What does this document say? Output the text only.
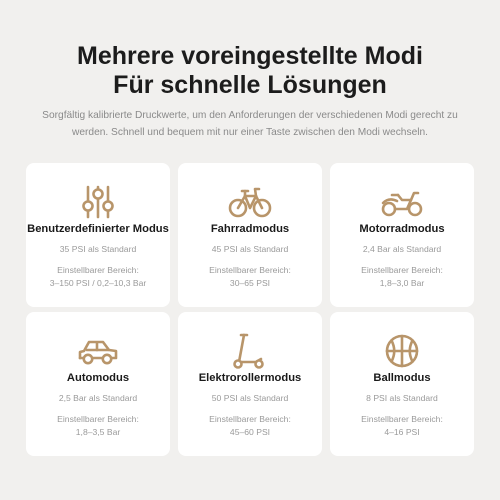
Mehrere voreingestellte Modi
Für schnelle Lösungen
Sorgfältig kalibrierte Druckwerte, um den Anforderungen der verschiedenen Modi gerecht zu
werden. Schnell und bequem mit nur einer Taste zwischen den Modi wechseln.
Benutzerdefinierter Modus
35 PSI als Standard
Einstellbarer Bereich:
3–150 PSI / 0,2–10,3 Bar
Fahrradmodus
45 PSI als Standard
Einstellbarer Bereich:
30–65 PSI
Motorradmodus
2,4 Bar als Standard
Einstellbarer Bereich:
1,8–3,0 Bar
Automodus
2,5 Bar als Standard
Einstellbarer Bereich:
1,8–3,5 Bar
Elektrorollermodus
50 PSI als Standard
Einstellbarer Bereich:
45–60 PSI
Ballmodus
8 PSI als Standard
Einstellbarer Bereich:
4–16 PSI
